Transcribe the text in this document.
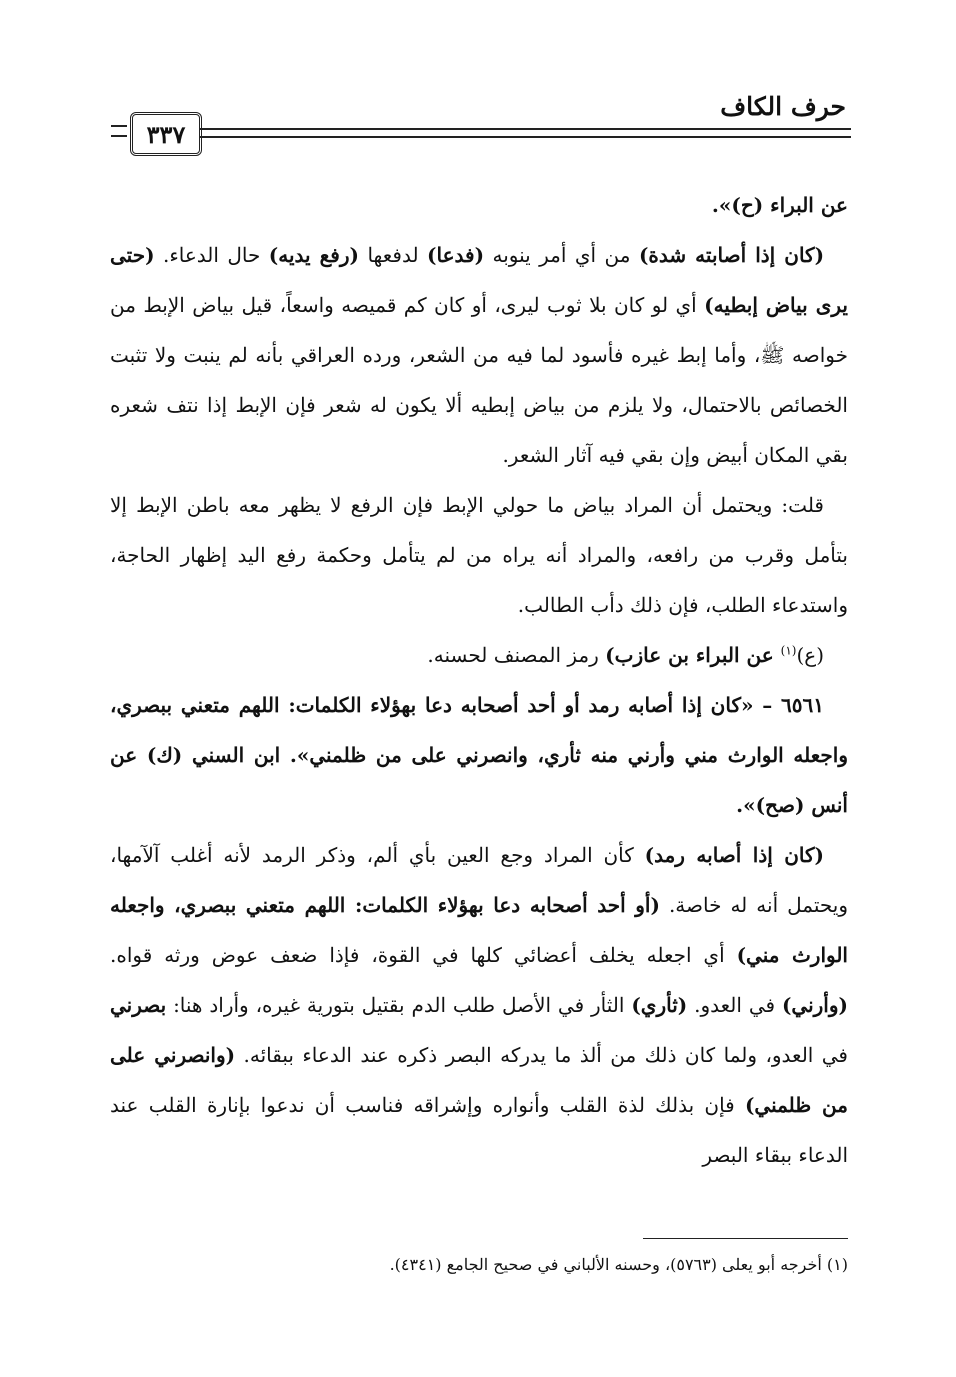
حرف الكاف
٣٣٧

عن البراء (ح)».

(كان إذا أصابته شدة) من أي أمر ينوبه (فدعا) لدفعها (رفع يديه) حال الدعاء. (حتى يرى بياض إبطيه) أي لو كان بلا ثوب ليرى، أو كان كم قميصه واسعاً، قيل بياض الإبط من خواصه ﷺ، وأما إبط غيره فأسود لما فيه من الشعر، ورده العراقي بأنه لم ينبت ولا تثبت الخصائص بالاحتمال، ولا يلزم من بياض إبطيه ألا يكون له شعر فإن الإبط إذا نتف شعره بقي المكان أبيض وإن بقي فيه آثار الشعر.

قلت: ويحتمل أن المراد بياض ما حولي الإبط فإن الرفع لا يظهر معه باطن الإبط إلا بتأمل وقرب من رافعه، والمراد أنه يراه من لم يتأمل وحكمة رفع اليد إظهار الحاجة، واستدعاء الطلب، فإن ذلك دأب الطالب.

(ع)$^{(١)}$ عن البراء بن عازب) رمز المصنف لحسنه.

٦٥٦١ – «كان إذا أصابه رمد أو أحد أصحابه دعا بهؤلاء الكلمات: اللهم متعني ببصري، واجعله الوارث مني وأرني منه ثأري، وانصرني على من ظلمني». ابن السني (ك) عن أنس (صح)».

(كان إذا أصابه رمد) كأن المراد وجع العين بأي ألم، وذكر الرمد لأنه أغلب آلآمها، ويحتمل أنه له خاصة. (أو أحد أصحابه دعا بهؤلاء الكلمات: اللهم متعني ببصري، واجعله الوارث مني) أي اجعله يخلف أعضائي كلها في القوة، فإذا ضعف عوض ورثه قواه. (وأرني) في العدو. (ثأري) الثأر في الأصل طلب الدم بقتيل بتورية غيره، وأراد هنا: بصرني في العدو، ولما كان ذلك من ألذ ما يدركه البصر ذكره عند الدعاء ببقائه. (وانصرني على من ظلمني) فإن بذلك لذة القلب وأنواره وإشراقه فناسب أن ندعوا بإنارة القلب عند الدعاء ببقاء البصر

(١) أخرجه أبو يعلى (٥٧٦٣)، وحسنه الألباني في صحيح الجامع (٤٣٤١).
